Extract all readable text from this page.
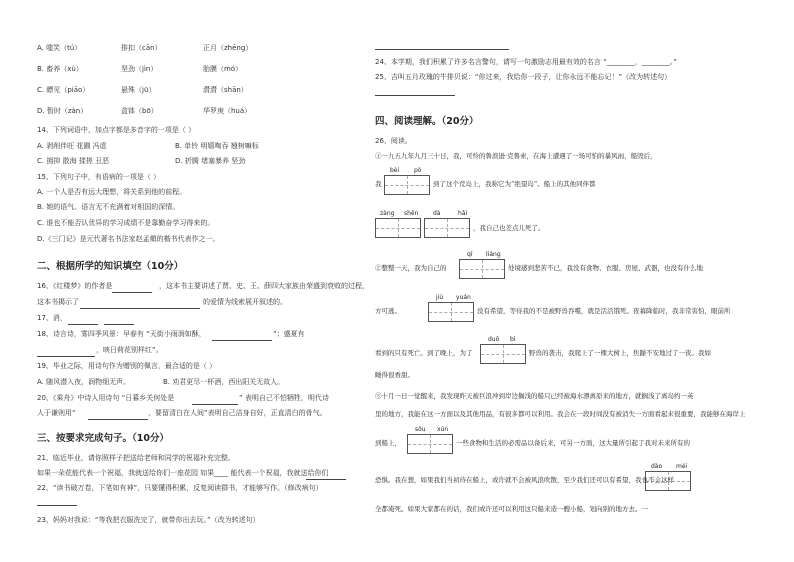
A. 嗤笑（tú）	排扣（cān）	正月（zhēng）
B. 畜养（xù）	坚劲（jìn）	胎膜（mó）
C. 瞟见（piāo）	悬殊（jū）	潸潸（shān）
D. 暂时（zàn）	盒钵（bō）	华罗庚（huá）
14、下列词语中，加点字都是多音字的一项是（ ）
A. 剥削伴旺 花圃 冯虚	B. 单铃 明嬉啕吞 翘树嘛标
C. 拥抑 散海 揉搓 丑恶	D. 折腾 堵塞暴养 坚劲
15、下列句子中，有语病的一项是（ ）
A. 一个人是否有远大理想，将关系到他的前程。
B. 她的语气、语言无不充满着对相国的深情。
C. 谁也不能否认优异的学习成绩不是靠勤奋学习得来的。
D.《三门记》是元代著名书法家赵孟頫的楷书代表作之一。
二、根据所学的知识填空（10分）
16、《红楼梦》的作者是	，这本书主要讲述了贾、史、王、薛四大家族由荣盛到衰败的过程，
这本书揭示了	的爱情为线索展开叙述的。
17、消，
18、诗言诗，雾四季风景：早春有 “天街小雨润如酥，	”；盛夏有
，映日荷花别样红”。
19、毕业之际，用诗句作为赠别的佩言，最合适的是（ ）
A. 随风潜入夜，润物细无声。	B. 劝君更尽一杯酒，西出阳关无故人。
20、《乘舟》中诗人用诗句 “日暮乡关何处是	” 表明自己不怕牺牲，明代诗
人于谦则用“	，要留清白在人间”表明自己洁身自好，正直清白的骨气。
三、按要求完成句子。（10分）
21、临近毕业，请你照样子把送给老师和同学的祝福补充完整。
如果一朵花能代表一个祝福，我就送给你们一座花园 如果____ 能代表一个祝福，我就送给你们
22、“读书破万卷，下笔如有神”，只要懂得积累，反复阅读群书，才能够写作。（修改病句）
23、妈妈对我说：“等我把衣服洗完了，就带你出去玩。”（改为转述句）
24、本学期，我们积累了许多名言警句，请写一句激励志用最有效的名言 “________，________。”
25、吉叫五月玫瑰的牛排贝说：“你过来，我给你一段子，让你永远不能忘记！”（改为转述句）
四、阅读理解。（20分）
26、阅读。
①一九五九年九月三十日，我，可怜的鲁滨逊·克鲁索，在海上遭遇了一场可怕的暴风雨，船毁后，
我
bèi pò
到了这个荒岛上，我称它为“绝望岛”。船上的其他同伴都
zàng shēn dà	hǎi
，我自己也差点儿死了。
②整整一天，我为自己的
qī liáng
处境感到悲苦不已，我没有食物、衣服、房屋、武器，也没有什么地
方可逃。
jiù yuán
没有希望，等待我的不是被野兽吞噬，就是活活饿死。夜幕降临时，我非常害怕，眼前所
看到的只有死亡。到了晚上，为了
duǒ bì
野兽的袭击，我爬上了一棵大树上，焦躁不安地过了一夜。我如
睡得很香甜。
③十月一日一觉醒来，我发现昨天被巨浪冲到岸边搁浅的船只已经被海水漂离原来的地方，就搁浅了离岛约一英
里的地方，我能在这一方面以及其他用品，有很多都可以利用。我会在一段时间没有被消失一方面看起来很重要，我能够在海岸上
到船上，
sōu xún
一些食物和生活的必需品以备后来，可另一方面，这大量所引起了我对未来所有的
dào méi
恐惧。我在想，如果我们当初待在船上，或许就不会被风浪吹散，至少我们还可以有希望，我也不会这样
全都淹死。如果大家都在的话，我们或许还可以利用这只船来造一艘小船，划向别的地方去。一
